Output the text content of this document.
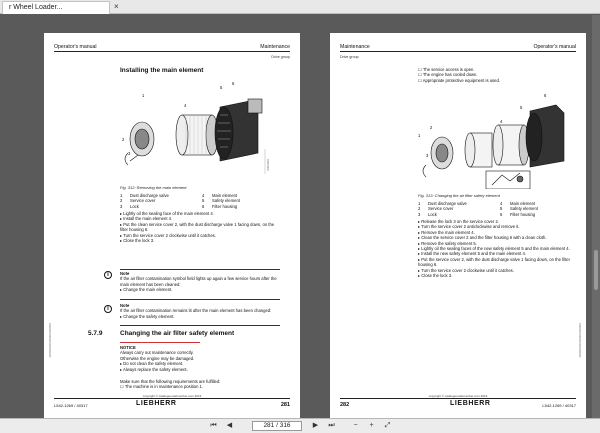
r Wheel Loader...	×
Operator's manual	Maintenance
Drive group
Installing the main element
1
2
3
4
5
6
0000000
Fig. 312: Removing the main element
1	Dust discharge valve	4	Main element
2	Service cover	5	Safety element
3	Lock	6	Filter housing
▸ Lightly oil the sealing face of the main element 4.
▸ Install the main element 4.
▸ Put the clean service cover 2, with the dust discharge valve 1 facing down, on the filter housing 6.
▸ Turn the service cover 2 clockwise until it catches.
▸ Close the lock 3.
i	Note
If the air filter contamination symbol field lights up again a few service hours after the main element has been cleaned:
▸ Change the main element.
i
Note
If the air filter contamination remains lit after the main element has been changed:
▸ Change the safety element.
5.7.9	Changing the air filter safety element
NOTICE
Always carry out maintenance correctly.
Otherwise the engine may be damaged.
▸ Do not clean the safety element.
▸ Always replace the safety element.
Make sure that the following requirements are fulfilled:
☐ The machine is in maintenance position 1.
0000000000/000/00/0000
copyright © cataloges-lastnumber.com 2019
L542-1269 / 40317	LIEBHERR	281
Maintenance	Operator's manual
Drive group
☐ The service access is open.
☐ The engine has cooled down.
☐ Appropriate protective equipment is used.
1
2
3
4
5
6
Fig. 313: Changing the air filter safety element
1	Dust discharge valve	4	Main element
2	Service cover	5	Safety element
3	Lock	6	Filter housing
▸ Release the lock 3 on the service cover 2.
▸ Turn the service cover 2 anticlockwise and remove it.
▸ Remove the main element 4.
▸ Clean the service cover 2 and the filter housing 6 with a clean cloth.
▸ Remove the safety element 5.
▸ Lightly oil the sealing faces of the new safety element 5 and the main element 4.
▸ Install the new safety element 5 and the main element 4.
▸ Put the service cover 2, with the dust discharge valve 1 facing down, on the filter housing 6.
▸ Turn the service cover 2 clockwise until it catches.
▸ Close the lock 3.
0000000000/000/00/0000
copyright © cataloges-lastnumber.com 2019
282	LIEBHERR	L542-1269 / 40317
⏮	◀	281 / 316	▶	⏭	−	+	⤢
